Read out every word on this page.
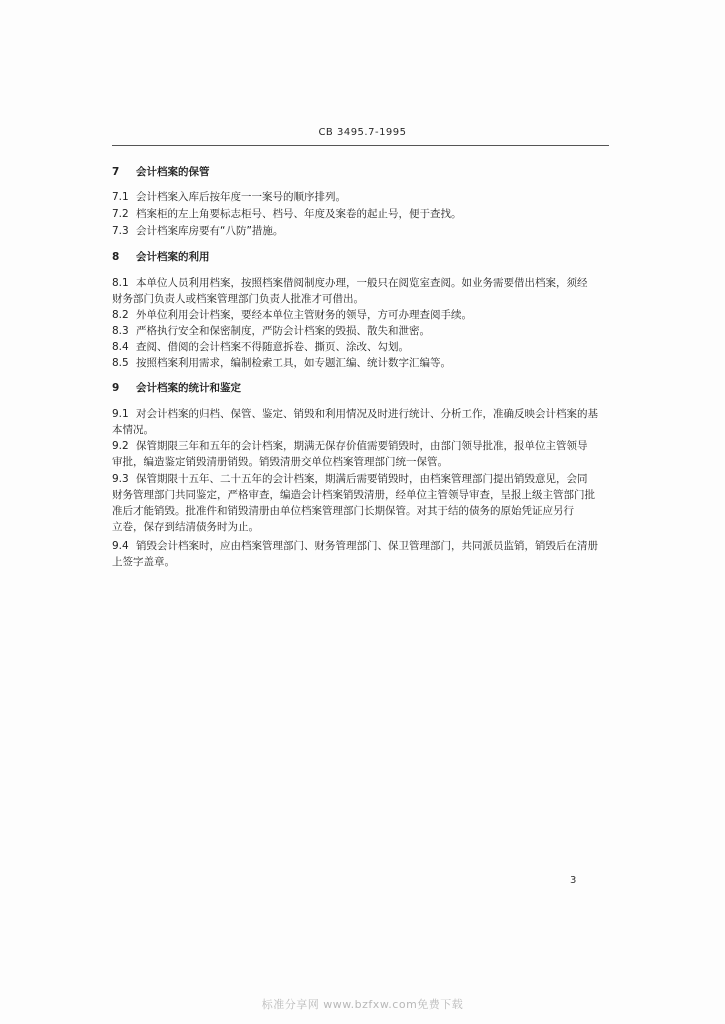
CB 3495.7-1995
7 会计档案的保管
7.1 会计档案入库后按年度一一案号的顺序排列。
7.2 档案柜的左上角要标志柜号、档号、年度及案卷的起止号，便于查找。
7.3 会计档案库房要有“八防”措施。
8 会计档案的利用
8.1 本单位人员利用档案，按照档案借阅制度办理，一般只在阅览室查阅。如业务需要借出档案，须经
财务部门负责人或档案管理部门负责人批准才可借出。
8.2 外单位利用会计档案，要经本单位主管财务的领导，方可办理查阅手续。
8.3 严格执行安全和保密制度，严防会计档案的毁损、散失和泄密。
8.4 查阅、借阅的会计档案不得随意拆卷、撕页、涂改、勾划。
8.5 按照档案利用需求，编制检索工具，如专题汇编、统计数字汇编等。
9 会计档案的统计和鉴定
9.1 对会计档案的归档、保管、鉴定、销毁和利用情况及时进行统计、分析工作，准确反映会计档案的基
本情况。
9.2 保管期限三年和五年的会计档案，期满无保存价值需要销毁时，由部门领导批准，报单位主管领导
审批，编造鉴定销毁清册销毁。销毁清册交单位档案管理部门统一保管。
9.3 保管期限十五年、二十五年的会计档案，期满后需要销毁时，由档案管理部门提出销毁意见，会同
财务管理部门共同鉴定，严格审查，编造会计档案销毁清册，经单位主管领导审查，呈报上级主管部门批
准后才能销毁。批准件和销毁清册由单位档案管理部门长期保管。对其于结的债务的原始凭证应另行
立卷，保存到结清债务时为止。
9.4 销毁会计档案时，应由档案管理部门、财务管理部门、保卫管理部门，共同派员监销，销毁后在清册
上签字盖章。
3
标准分享网 www.bzfxw.com免费下载
